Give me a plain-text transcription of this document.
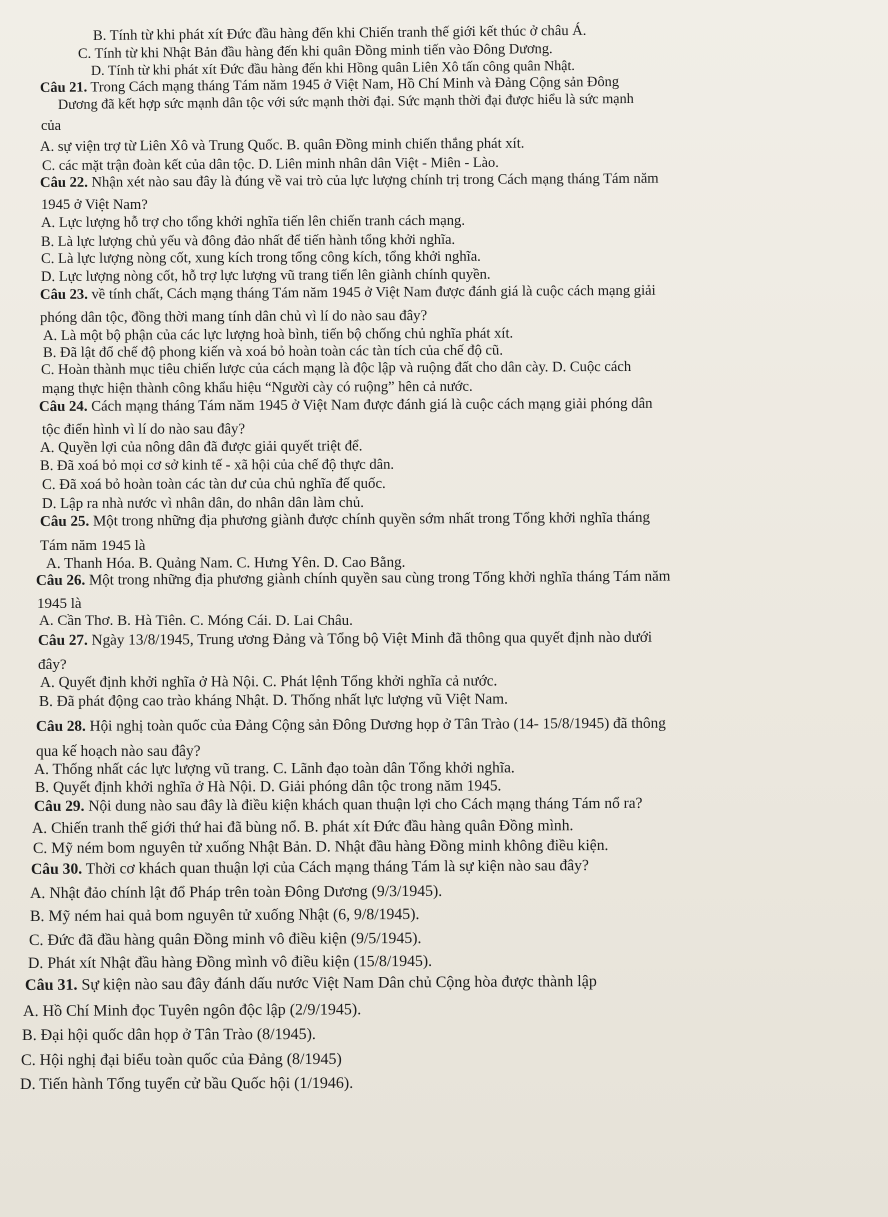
B. Tính từ khi phát xít Đức đầu hàng đến khi Chiến tranh thế giới kết thúc ở châu Á.
C. Tính từ khi Nhật Bản đầu hàng đến khi quân Đồng minh tiến vào Đông Dương.
D. Tính từ khi phát xít Đức đầu hàng đến khi Hồng quân Liên Xô tấn công quân Nhật.
Câu 21. Trong Cách mạng tháng Tám năm 1945 ở Việt Nam, Hồ Chí Minh và Đảng Cộng sản Đông
Dương đã kết hợp sức mạnh dân tộc với sức mạnh thời đại. Sức mạnh thời đại được hiểu là sức mạnh
của
A. sự viện trợ từ Liên Xô và Trung Quốc. B. quân Đồng minh chiến thắng phát xít.
C. các mặt trận đoàn kết của dân tộc. D. Liên minh nhân dân Việt - Miên - Lào.
Câu 22. Nhận xét nào sau đây là đúng về vai trò của lực lượng chính trị trong Cách mạng tháng Tám năm
1945 ở Việt Nam?
A. Lực lượng hỗ trợ cho tổng khởi nghĩa tiến lên chiến tranh cách mạng.
B. Là lực lượng chủ yếu và đông đảo nhất để tiến hành tổng khởi nghĩa.
C. Là lực lượng nòng cốt, xung kích trong tổng công kích, tổng khởi nghĩa.
D. Lực lượng nòng cốt, hỗ trợ lực lượng vũ trang tiến lên giành chính quyền.
Câu 23. về tính chất, Cách mạng tháng Tám năm 1945 ở Việt Nam được đánh giá là cuộc cách mạng giải
phóng dân tộc, đồng thời mang tính dân chủ vì lí do nào sau đây?
A. Là một bộ phận của các lực lượng hoà bình, tiến bộ chống chủ nghĩa phát xít.
B. Đã lật đổ chế độ phong kiến và xoá bỏ hoàn toàn các tàn tích của chế độ cũ.
C. Hoàn thành mục tiêu chiến lược của cách mạng là độc lập và ruộng đất cho dân cày. D. Cuộc cách
mạng thực hiện thành công khẩu hiệu “Người cày có ruộng” hên cả nước.
Câu 24. Cách mạng tháng Tám năm 1945 ở Việt Nam được đánh giá là cuộc cách mạng giải phóng dân
tộc điển hình vì lí do nào sau đây?
A. Quyền lợi của nông dân đã được giải quyết triệt để.
B. Đã xoá bỏ mọi cơ sở kinh tế - xã hội của chế độ thực dân.
C. Đã xoá bỏ hoàn toàn các tàn dư của chủ nghĩa đế quốc.
D. Lập ra nhà nước vì nhân dân, do nhân dân làm chủ.
Câu 25. Một trong những địa phương giành được chính quyền sớm nhất trong Tổng khởi nghĩa tháng
Tám năm 1945 là
A. Thanh Hóa. B. Quảng Nam. C. Hưng Yên. D. Cao Bằng.
Câu 26. Một trong những địa phương giành chính quyền sau cùng trong Tổng khởi nghĩa tháng Tám năm
1945 là
A. Cần Thơ. B. Hà Tiên. C. Móng Cái. D. Lai Châu.
Câu 27. Ngày 13/8/1945, Trung ương Đảng và Tổng bộ Việt Minh đã thông qua quyết định nào dưới
đây?
A. Quyết định khởi nghĩa ở Hà Nội. C. Phát lệnh Tổng khởi nghĩa cả nước.
B. Đã phát động cao trào kháng Nhật. D. Thống nhất lực lượng vũ Việt Nam.
Câu 28. Hội nghị toàn quốc của Đảng Cộng sản Đông Dương họp ở Tân Trào (14- 15/8/1945) đã thông
qua kế hoạch nào sau đây?
A. Thống nhất các lực lượng vũ trang. C. Lãnh đạo toàn dân Tổng khởi nghĩa.
B. Quyết định khởi nghĩa ở Hà Nội. D. Giải phóng dân tộc trong năm 1945.
Câu 29. Nội dung nào sau đây là điều kiện khách quan thuận lợi cho Cách mạng tháng Tám nổ ra?
A. Chiến tranh thế giới thứ hai đã bùng nổ. B. phát xít Đức đầu hàng quân Đồng mình.
C. Mỹ ném bom nguyên tử xuống Nhật Bản. D. Nhật đầu hàng Đồng minh không điều kiện.
Câu 30. Thời cơ khách quan thuận lợi của Cách mạng tháng Tám là sự kiện nào sau đây?
A. Nhật đảo chính lật đổ Pháp trên toàn Đông Dương (9/3/1945).
B. Mỹ ném hai quả bom nguyên tử xuống Nhật (6, 9/8/1945).
C. Đức đã đầu hàng quân Đồng minh vô điều kiện (9/5/1945).
D. Phát xít Nhật đầu hàng Đồng mình vô điều kiện (15/8/1945).
Câu 31. Sự kiện nào sau đây đánh dấu nước Việt Nam Dân chủ Cộng hòa được thành lập
A. Hồ Chí Minh đọc Tuyên ngôn độc lập (2/9/1945).
B. Đại hội quốc dân họp ở Tân Trào (8/1945).
C. Hội nghị đại biểu toàn quốc của Đảng (8/1945)
D. Tiến hành Tổng tuyển cử bầu Quốc hội (1/1946).
